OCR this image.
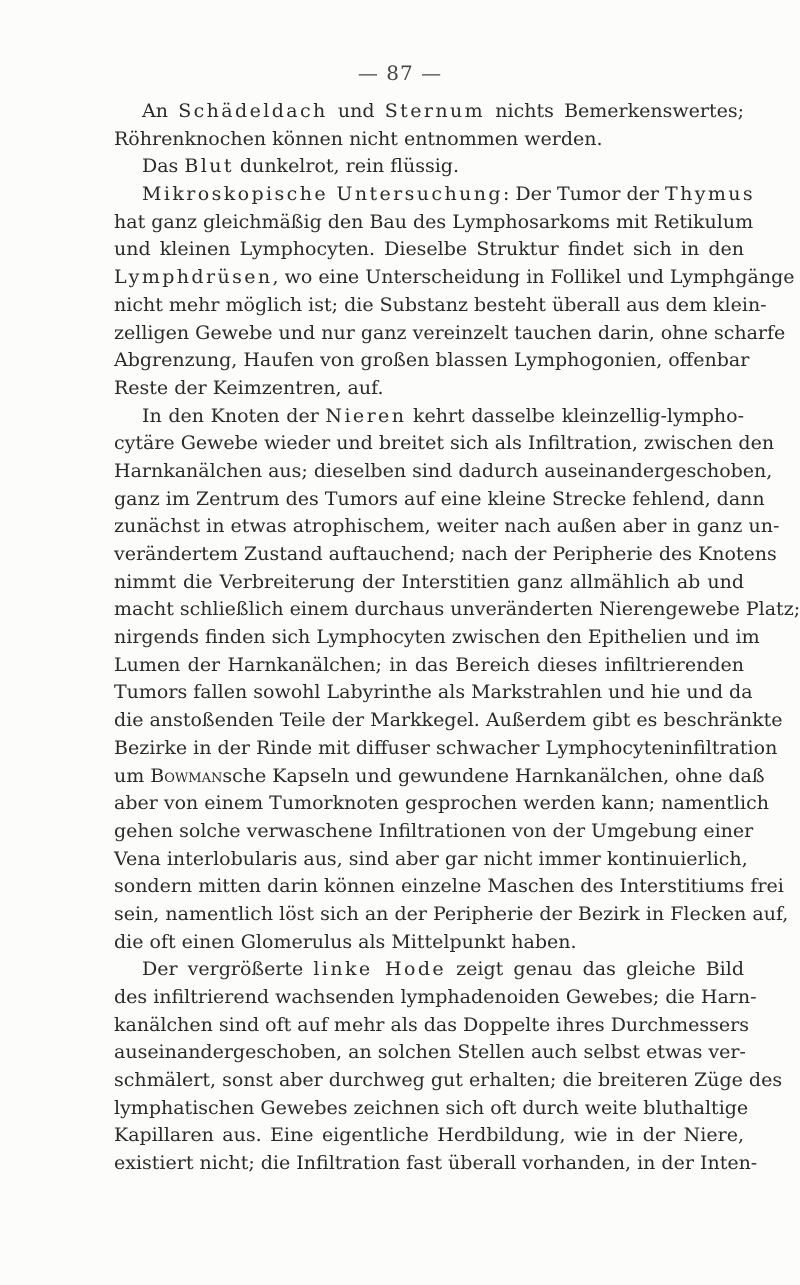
— 87 —
An Schädeldach und Sternum nichts Bemerkenswertes;
Röhrenknochen können nicht entnommen werden.
Das Blut dunkelrot, rein flüssig.
Mikroskopische Untersuchung: Der Tumor der Thymus
hat ganz gleichmäßig den Bau des Lymphosarkoms mit Retikulum
und kleinen Lymphocyten. Dieselbe Struktur findet sich in den
Lymphdrüsen, wo eine Unterscheidung in Follikel und Lymphgänge
nicht mehr möglich ist; die Substanz besteht überall aus dem klein-
zelligen Gewebe und nur ganz vereinzelt tauchen darin, ohne scharfe
Abgrenzung, Haufen von großen blassen Lymphogonien, offenbar
Reste der Keimzentren, auf.
In den Knoten der Nieren kehrt dasselbe kleinzellig-lympho-
cytäre Gewebe wieder und breitet sich als Infiltration, zwischen den
Harnkanälchen aus; dieselben sind dadurch auseinandergeschoben,
ganz im Zentrum des Tumors auf eine kleine Strecke fehlend, dann
zunächst in etwas atrophischem, weiter nach außen aber in ganz un-
verändertem Zustand auftauchend; nach der Peripherie des Knotens
nimmt die Verbreiterung der Interstitien ganz allmählich ab und
macht schließlich einem durchaus unveränderten Nierengewebe Platz;
nirgends finden sich Lymphocyten zwischen den Epithelien und im
Lumen der Harnkanälchen; in das Bereich dieses infiltrierenden
Tumors fallen sowohl Labyrinthe als Markstrahlen und hie und da
die anstoßenden Teile der Markkegel. Außerdem gibt es beschränkte
Bezirke in der Rinde mit diffuser schwacher Lymphocyteninfiltration
um Bowmansche Kapseln und gewundene Harnkanälchen, ohne daß
aber von einem Tumorknoten gesprochen werden kann; namentlich
gehen solche verwaschene Infiltrationen von der Umgebung einer
Vena interlobularis aus, sind aber gar nicht immer kontinuierlich,
sondern mitten darin können einzelne Maschen des Interstitiums frei
sein, namentlich löst sich an der Peripherie der Bezirk in Flecken auf,
die oft einen Glomerulus als Mittelpunkt haben.
Der vergrößerte linke Hode zeigt genau das gleiche Bild
des infiltrierend wachsenden lymphadenoiden Gewebes; die Harn-
kanälchen sind oft auf mehr als das Doppelte ihres Durchmessers
auseinandergeschoben, an solchen Stellen auch selbst etwas ver-
schmälert, sonst aber durchweg gut erhalten; die breiteren Züge des
lymphatischen Gewebes zeichnen sich oft durch weite bluthaltige
Kapillaren aus. Eine eigentliche Herdbildung, wie in der Niere,
existiert nicht; die Infiltration fast überall vorhanden, in der Inten-
